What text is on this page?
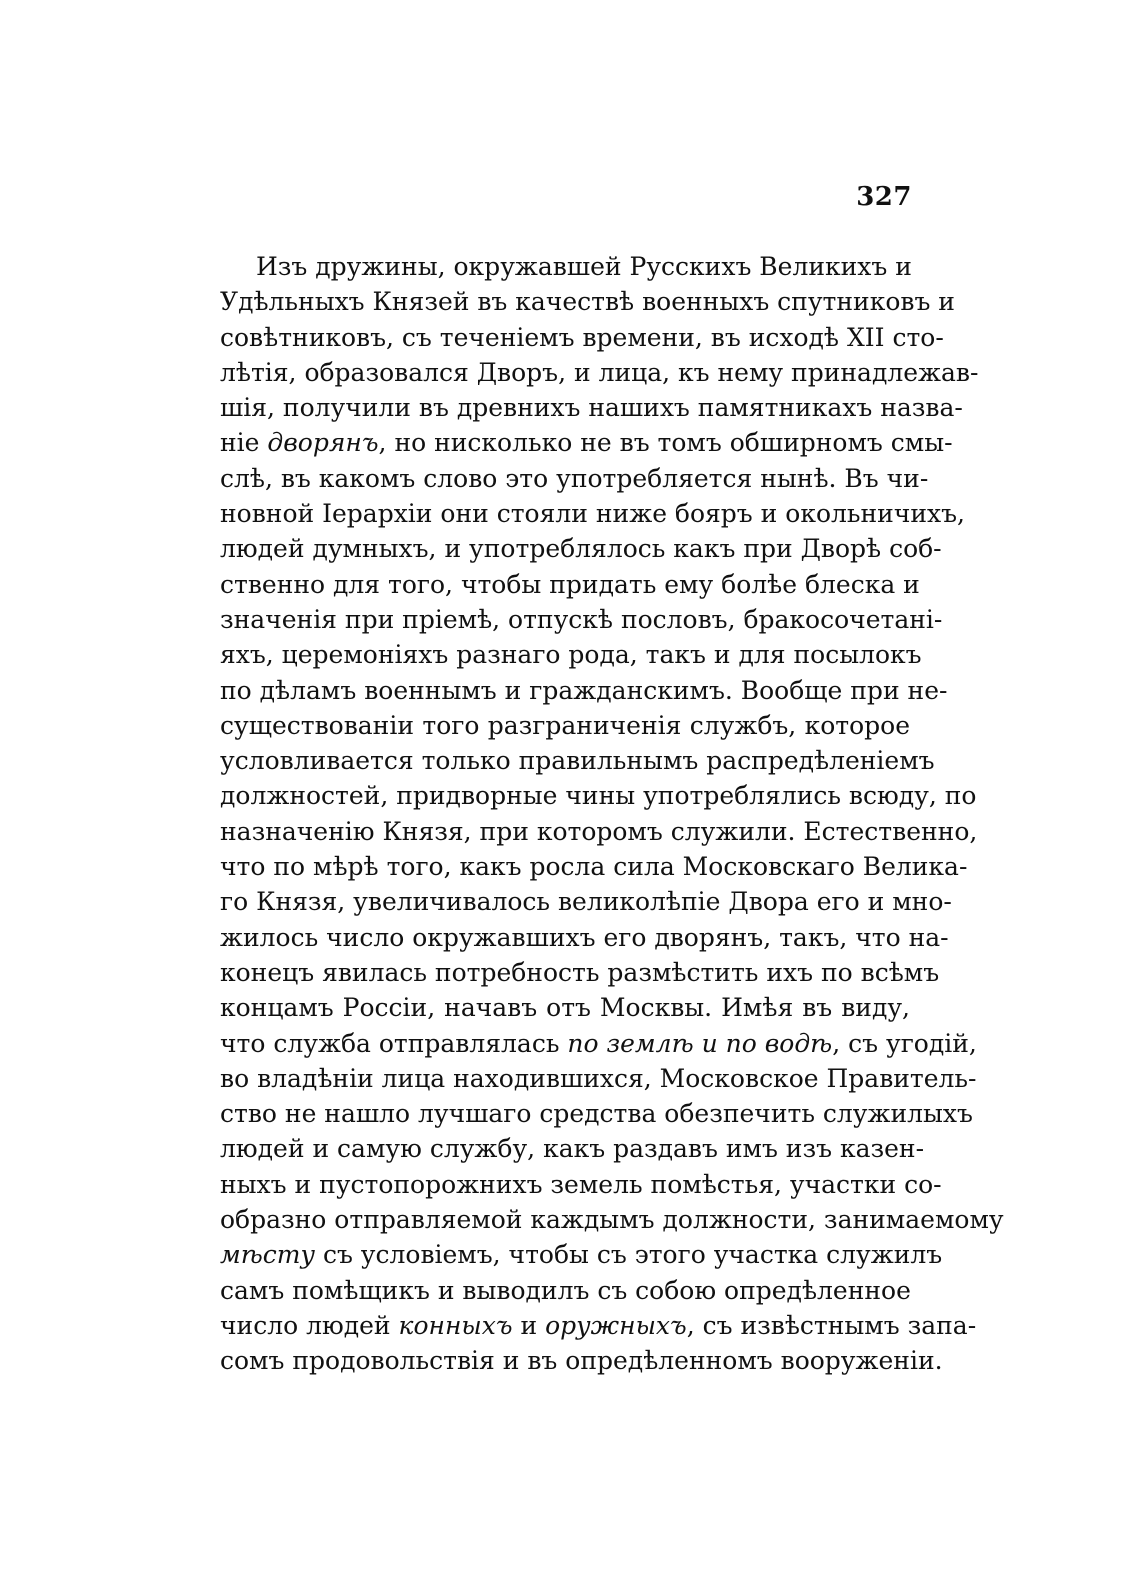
327
Изъ дружины, окружавшей Русскихъ Великихъ и
Удѣльныхъ Князей въ качествѣ военныхъ спутниковъ и
совѣтниковъ, съ теченіемъ времени, въ исходѣ XII сто-
лѣтія, образовался Дворъ, и лица, къ нему принадлежав-
шія, получили въ древнихъ нашихъ памятникахъ назва-
ніе дворянъ, но нисколько не въ томъ обширномъ смы-
слѣ, въ какомъ слово это употребляется нынѣ. Въ чи-
новной Іерархіи они стояли ниже бояръ и окольничихъ,
людей думныхъ, и употреблялось какъ при Дворѣ соб-
ственно для того, чтобы придать ему болѣе блеска и
значенія при пріемѣ, отпускѣ пословъ, бракосочетані-
яхъ, церемоніяхъ разнаго рода, такъ и для посылокъ
по дѣламъ военнымъ и гражданскимъ. Вообще при не-
существованіи того разграниченія службъ, которое
условливается только правильнымъ распредѣленіемъ
должностей, придворные чины употреблялись всюду, по
назначенію Князя, при которомъ служили. Естественно,
что по мѣрѣ того, какъ росла сила Московскаго Велика-
го Князя, увеличивалось великолѣпіе Двора его и мно-
жилось число окружавшихъ его дворянъ, такъ, что на-
конецъ явилась потребность размѣстить ихъ по всѣмъ
концамъ Россіи, начавъ отъ Москвы. Имѣя въ виду,
что служба отправлялась по землѣ и по водѣ, съ угодій,
во владѣніи лица находившихся, Московское Правитель-
ство не нашло лучшаго средства обезпечить служилыхъ
людей и самую службу, какъ раздавъ имъ изъ казен-
ныхъ и пустопорожнихъ земель помѣстья, участки со-
образно отправляемой каждымъ должности, занимаемому
мѣсту съ условіемъ, чтобы съ этого участка служилъ
самъ помѣщикъ и выводилъ съ собою опредѣленное
число людей конныхъ и оружныхъ, съ извѣстнымъ запа-
сомъ продовольствія и въ опредѣленномъ вооруженіи.
